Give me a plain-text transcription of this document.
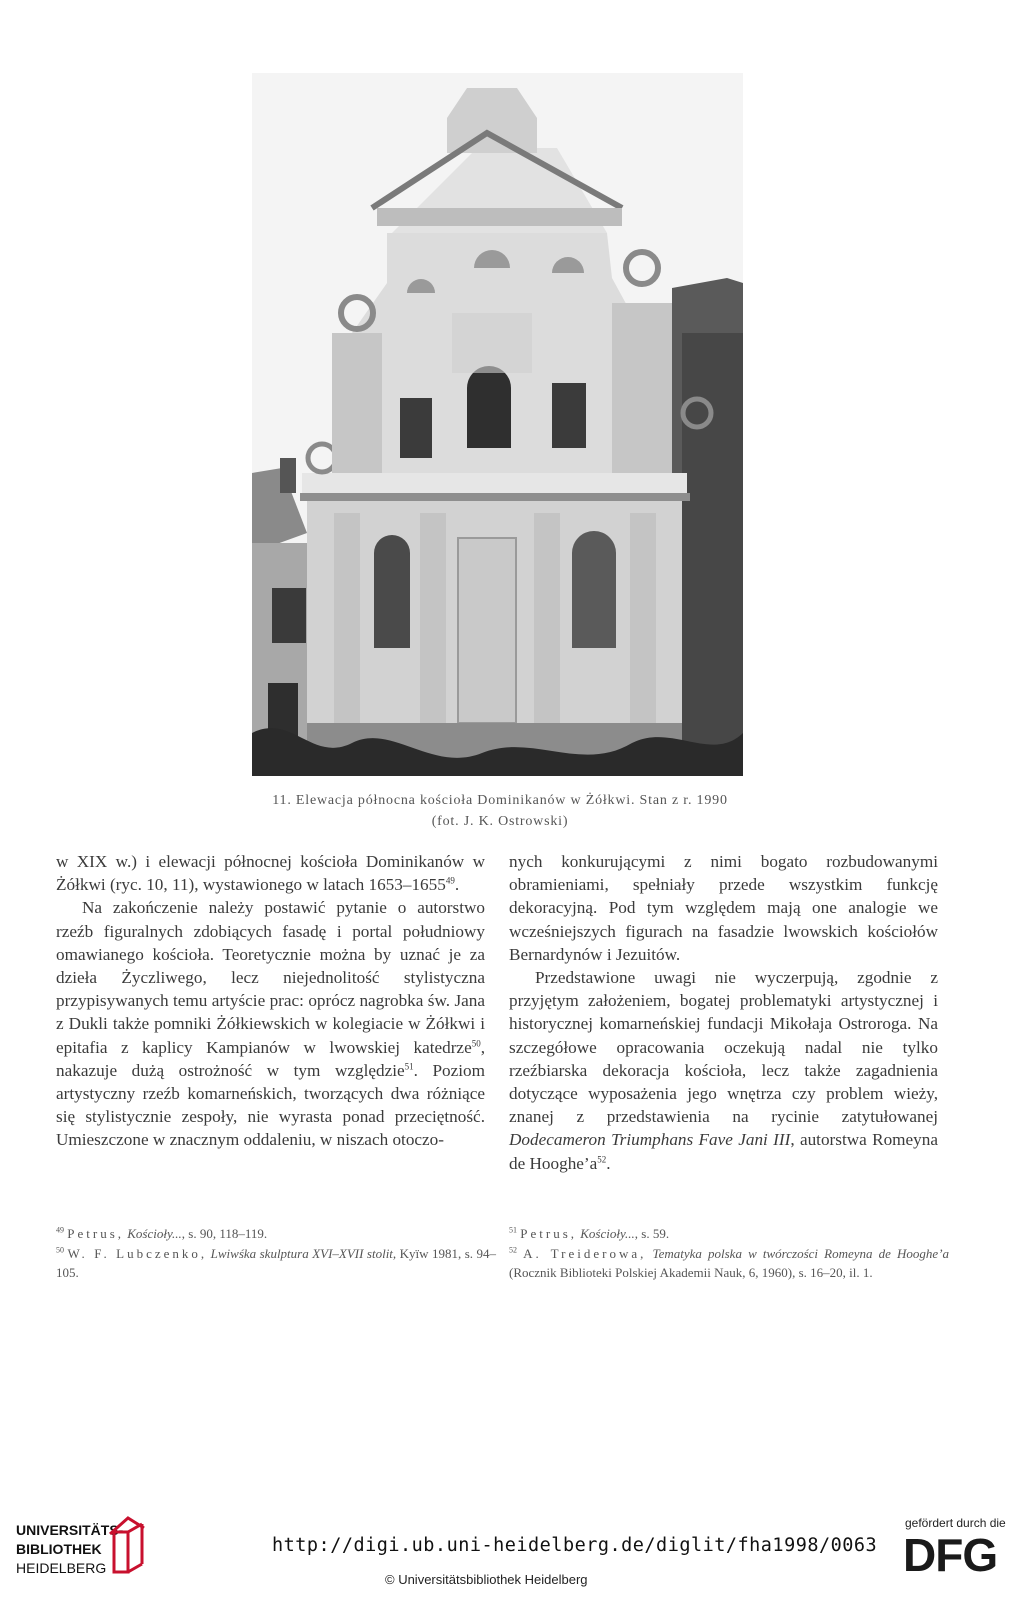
11. Elewacja północna kościoła Dominikanów w Żółkwi. Stan z r. 1990
(fot. J. K. Ostrowski)

w XIX w.) i elewacji północnej kościoła Dominikanów w Żółkwi (ryc. 10, 11), wystawionego w latach 1653–1655$^{49}$.

Na zakończenie należy postawić pytanie o autorstwo rzeźb figuralnych zdobiących fasadę i portal południowy omawianego kościoła. Teoretycznie można by uznać je za dzieła Życzliwego, lecz niejednolitość stylistyczna przypisywanych temu artyście prac: oprócz nagrobka św. Jana z Dukli także pomniki Żółkiewskich w kolegiacie w Żółkwi i epitafia z kaplicy Kampianów w lwowskiej katedrze$^{50}$, nakazuje dużą ostrożność w tym względzie$^{51}$. Poziom artystyczny rzeźb komarneńskich, tworzących dwa różniące się stylistycznie zespoły, nie wyrasta ponad przeciętność. Umieszczone w znacznym oddaleniu, w niszach otoczo-

nych konkurującymi z nimi bogato rozbudowanymi obramieniami, spełniały przede wszystkim funkcję dekoracyjną. Pod tym względem mają one analogie we wcześniejszych figurach na fasadzie lwowskich kościołów Bernardynów i Jezuitów.

Przedstawione uwagi nie wyczerpują, zgodnie z przyjętym założeniem, bogatej problematyki artystycznej i historycznej komarneńskiej fundacji Mikołaja Ostroroga. Na szczegółowe opracowania oczekują nadal nie tylko rzeźbiarska dekoracja kościoła, lecz także zagadnienia dotyczące wyposażenia jego wnętrza czy problem wieży, znanej z przedstawienia na rycinie zatytułowanej Dodecameron Triumphans Fave Jani III, autorstwa Romeyna de $Hooghe’a^{52}$.

$^{49}$ Petrus, Kościoły..., s. 90, 118–119.
$^{50}$ W. F. Lubczenko, Lwiwśka skulptura XVI–XVII stolit, Kyïw 1981, s. 94–105.
$^{51}$ Petrus, Kościoły..., s. 59.
$^{52}$ A. Treiderowa, Tematyka polska w twórczości Romeyna de Hooghe’a (Rocznik Biblioteki Polskiej Akademii Nauk, 6, 1960), s. 16–20, il. 1.
UNIVERSITÄTS-
BIBLIOTHEK
HEIDELBERG
http://digi.ub.uni-heidelberg.de/diglit/fha1998/0063
© Universitätsbibliothek Heidelberg
gefördert durch die
DFG
